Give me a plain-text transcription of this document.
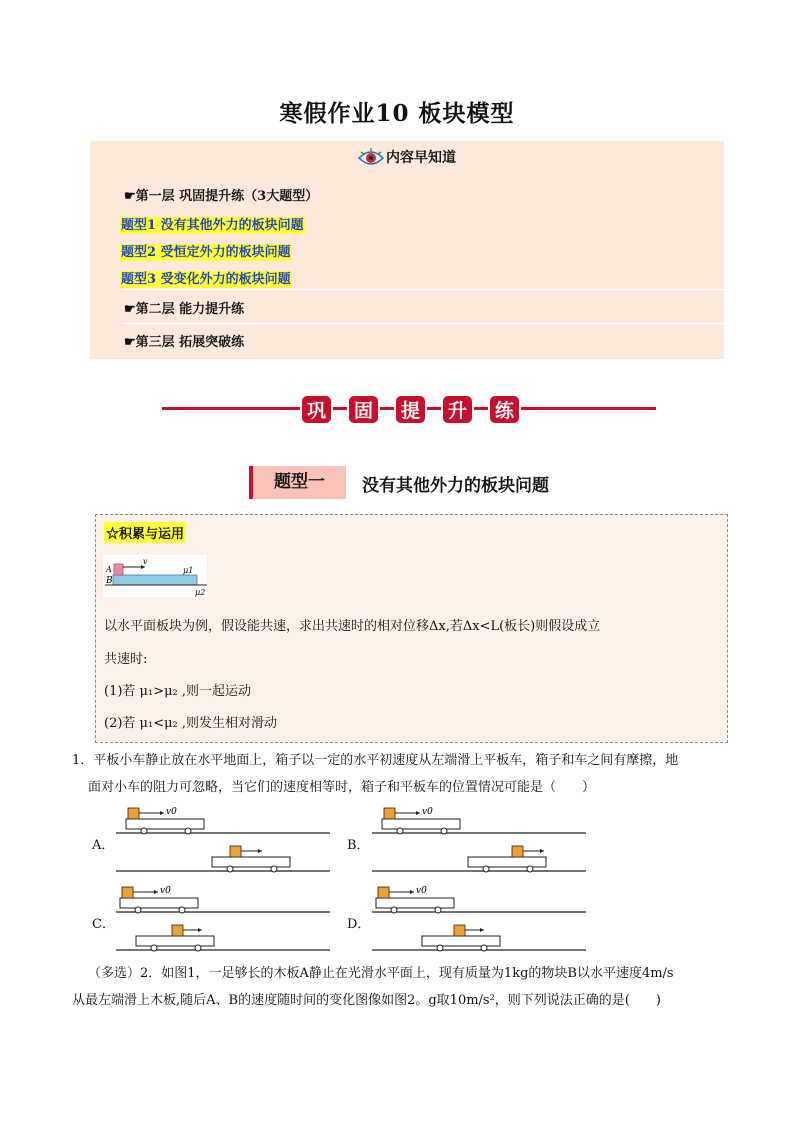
寒假作业10 板块模型
内容早知道
☛第一层 巩固提升练（3大题型）
题型1 没有其他外力的板块问题
题型2 受恒定外力的板块问题
题型3 受变化外力的板块问题
☛第二层 能力提升练
☛第三层 拓展突破练
巩	固	提	升	练
题型一	没有其他外力的板块问题
☆积累与运用
A
B
v
μ1
μ2
以水平面板块为例，假设能共速，求出共速时的相对位移Δx,若Δx<L(板长)则假设成立
共速时:
(1)若 μ₁>μ₂ ,则一起运动
(2)若 μ₁<μ₂ ,则发生相对滑动
1．平板小车静止放在水平地面上，箱子以一定的水平初速度从左端滑上平板车，箱子和车之间有摩擦，地
面对小车的阻力可忽略，当它们的速度相等时，箱子和平板车的位置情况可能是（　　）
A．
v0
B．
v0
C．
v0
D．
v0
（多选）2．如图1，一足够长的木板A静止在光滑水平面上，现有质量为1kg的物块B以水平速度4m/s
从最左端滑上木板,随后A、B的速度随时间的变化图像如图2。g取10m/s²，则下列说法正确的是(　　)
